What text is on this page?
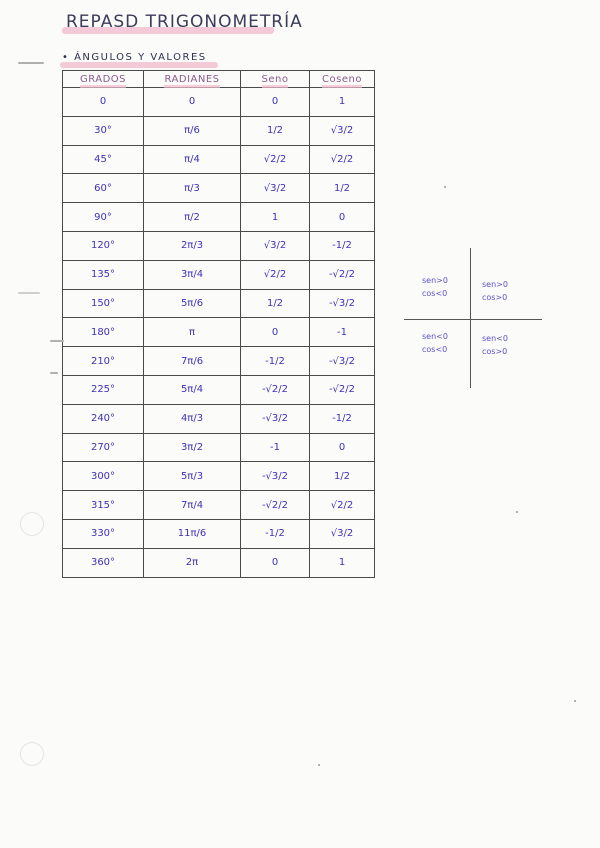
REPASD TRIGONOMETRÍA
• ÁNGULOS Y VALORES
GRADOS	RADIANES	Seno	Coseno
0	0	0	1
30°	π/6	1/2	√3/2
45°	π/4	√2/2	√2/2
60°	π/3	√3/2	1/2
90°	π/2	1	0
120°	2π/3	√3/2	-1/2
135°	3π/4	√2/2	-√2/2
150°	5π/6	1/2	-√3/2
180°	π	0	-1
210°	7π/6	-1/2	-√3/2
225°	5π/4	-√2/2	-√2/2
240°	4π/3	-√3/2	-1/2
270°	3π/2	-1	0
300°	5π/3	-√3/2	1/2
315°	7π/4	-√2/2	√2/2
330°	11π/6	-1/2	√3/2
360°	2π	0	1
sen>0
cos<0
sen>0
cos>0
sen<0
cos<0
sen<0
cos>0
